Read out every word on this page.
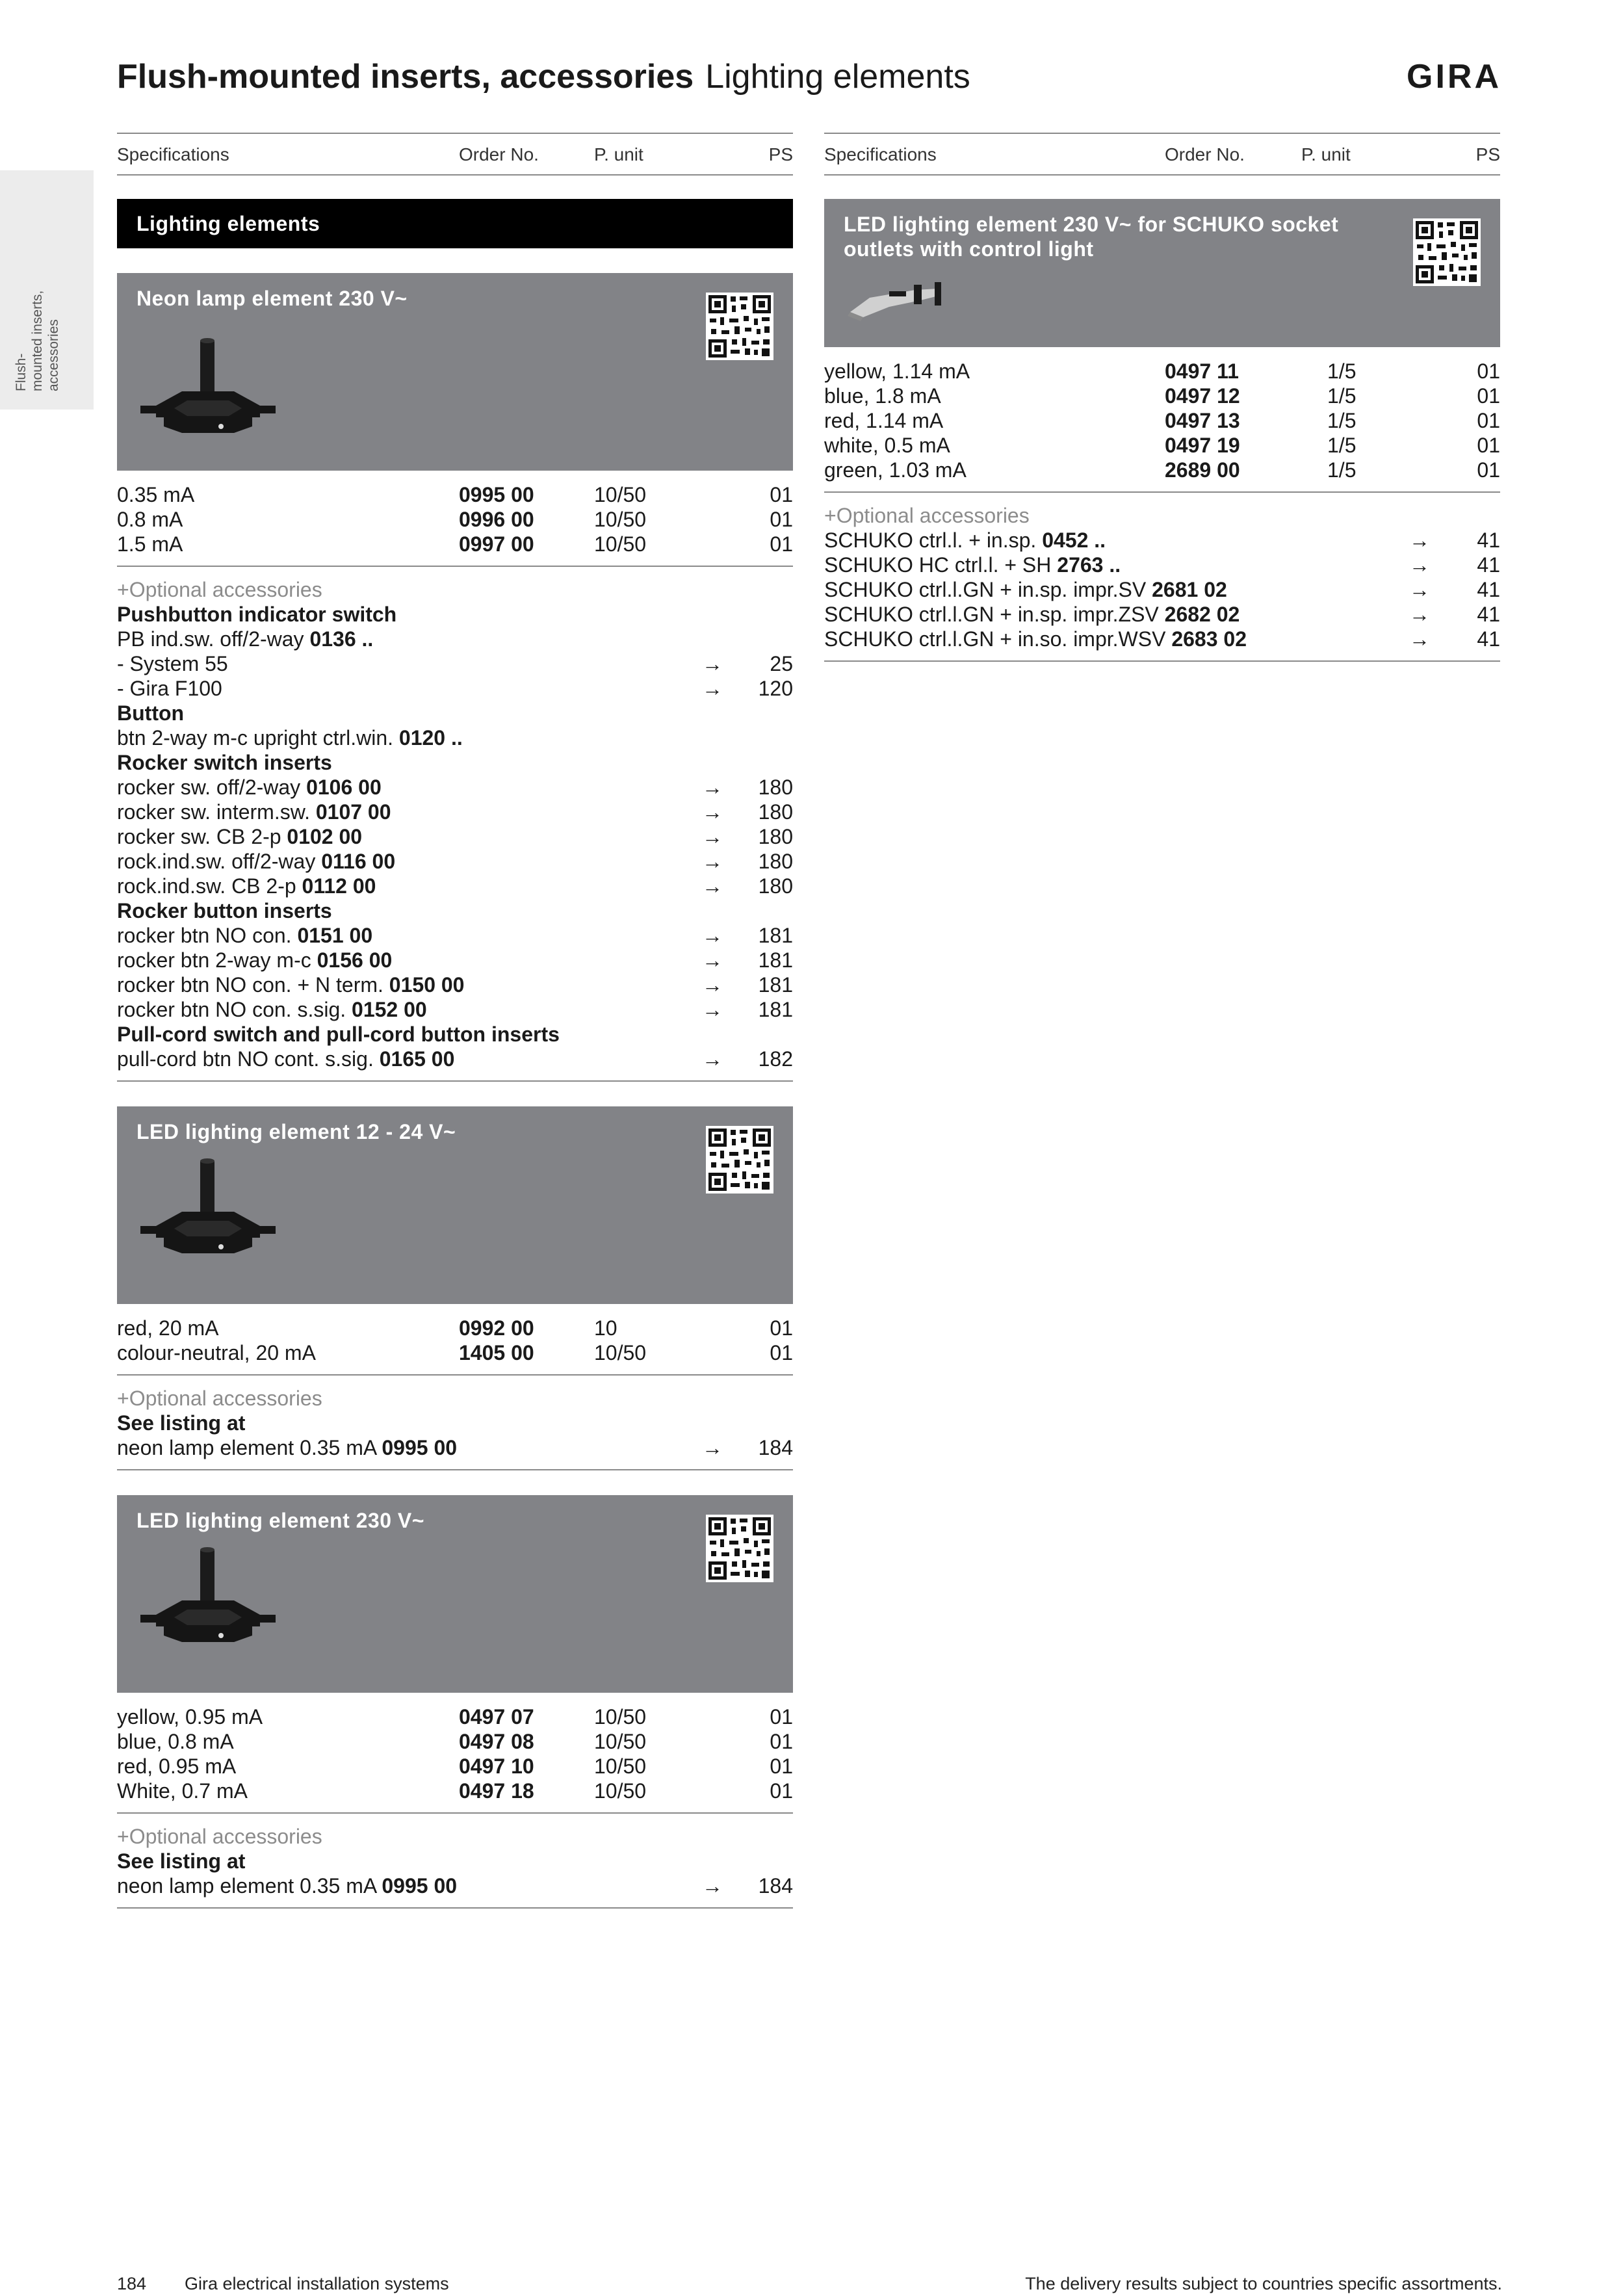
Flush-mounted inserts, accessories Lighting elements	GIRA
Flush- mounted inserts, accessories
Specifications	Order No.	P. unit	PS
Lighting elements
Neon lamp element 230 V~
0.35 mA	0995 00	10/50	01
0.8 mA	0996 00	10/50	01
1.5 mA	0997 00	10/50	01
+Optional accessories
Pushbutton indicator switch
PB ind.sw. off/2-way 0136 ..
- System 55	→ 25
- Gira F100	→ 120
Button
btn 2-way m-c upright ctrl.win. 0120 ..
Rocker switch inserts
rocker sw. off/2-way 0106 00	→ 180
rocker sw. interm.sw. 0107 00	→ 180
rocker sw. CB 2-p 0102 00	→ 180
rock.ind.sw. off/2-way 0116 00	→ 180
rock.ind.sw. CB 2-p 0112 00	→ 180
Rocker button inserts
rocker btn NO con. 0151 00	→ 181
rocker btn 2-way m-c 0156 00	→ 181
rocker btn NO con. + N term. 0150 00	→ 181
rocker btn NO con. s.sig. 0152 00	→ 181
Pull-cord switch and pull-cord button inserts
pull-cord btn NO cont. s.sig. 0165 00	→ 182
LED lighting element 12 - 24 V~
red, 20 mA	0992 00	10	01
colour-neutral, 20 mA	1405 00	10/50	01
+Optional accessories
See listing at
neon lamp element 0.35 mA 0995 00	→ 184
LED lighting element 230 V~
yellow, 0.95 mA	0497 07	10/50	01
blue, 0.8 mA	0497 08	10/50	01
red, 0.95 mA	0497 10	10/50	01
White, 0.7 mA	0497 18	10/50	01
+Optional accessories
See listing at
neon lamp element 0.35 mA 0995 00	→ 184
Specifications	Order No.	P. unit	PS
LED lighting element 230 V~ for SCHUKO socket
outlets with control light
yellow, 1.14 mA	0497 11	1/5	01
blue, 1.8 mA	0497 12	1/5	01
red, 1.14 mA	0497 13	1/5	01
white, 0.5 mA	0497 19	1/5	01
green, 1.03 mA	2689 00	1/5	01
+Optional accessories
SCHUKO ctrl.l. + in.sp. 0452 ..	→ 41
SCHUKO HC ctrl.l. + SH 2763 ..	→ 41
SCHUKO ctrl.l.GN + in.sp. impr.SV 2681 02	→ 41
SCHUKO ctrl.l.GN + in.sp. impr.ZSV 2682 02	→ 41
SCHUKO ctrl.l.GN + in.so. impr.WSV 2683 02	→ 41
184 Gira electrical installation systems	The delivery results subject to countries specific assortments.
